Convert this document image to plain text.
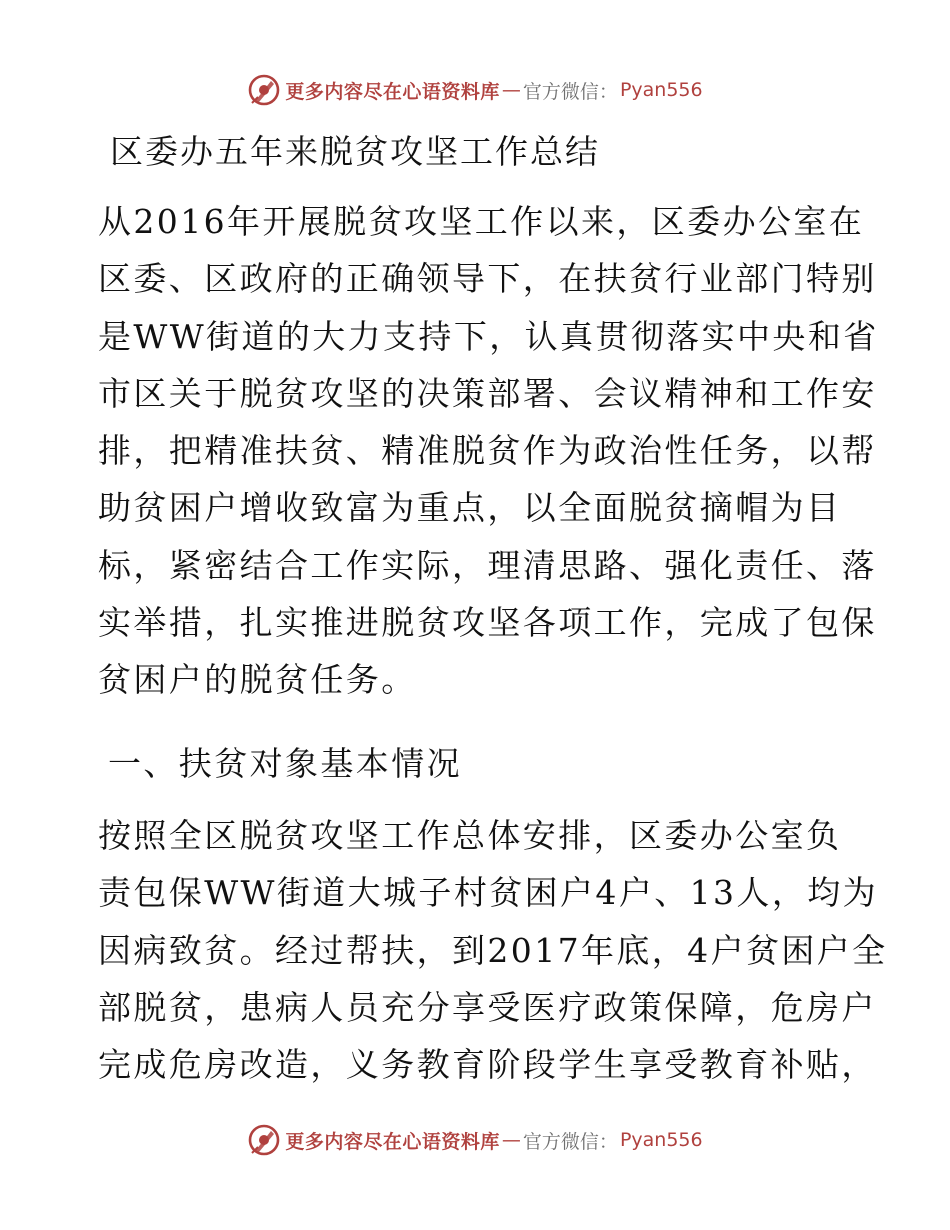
更多内容尽在心语资料库 — 官方微信： Pyan556
区委办五年来脱贫攻坚工作总结
从2016年开展脱贫攻坚工作以来，区委办公室在
区委、区政府的正确领导下，在扶贫行业部门特别
是WW街道的大力支持下，认真贯彻落实中央和省
市区关于脱贫攻坚的决策部署、会议精神和工作安
排，把精准扶贫、精准脱贫作为政治性任务，以帮
助贫困户增收致富为重点，以全面脱贫摘帽为目
标，紧密结合工作实际，理清思路、强化责任、落
实举措，扎实推进脱贫攻坚各项工作，完成了包保
贫困户的脱贫任务。
一、扶贫对象基本情况
按照全区脱贫攻坚工作总体安排，区委办公室负
责包保WW街道大城子村贫困户4户、13人，均为
因病致贫。经过帮扶，到2017年底，4户贫困户全
部脱贫，患病人员充分享受医疗政策保障，危房户
完成危房改造，义务教育阶段学生享受教育补贴，
更多内容尽在心语资料库 — 官方微信： Pyan556
